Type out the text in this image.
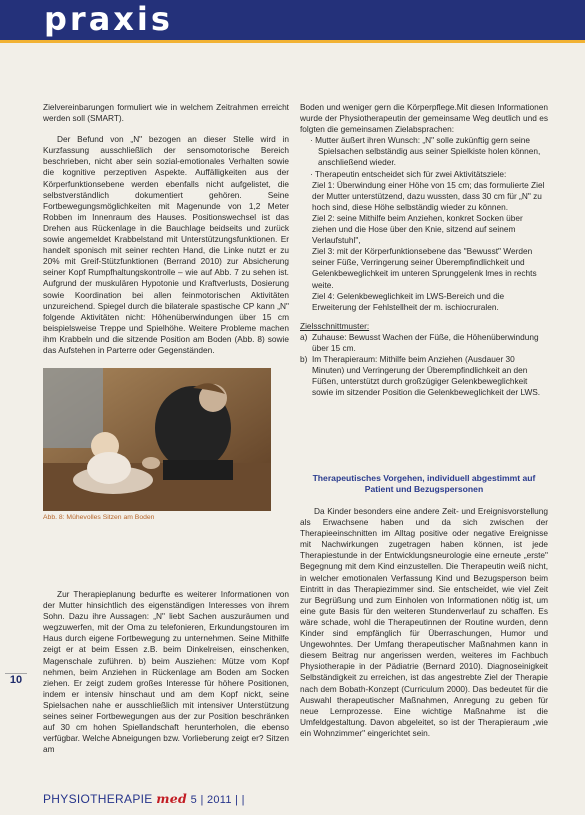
praxis

Zielvereinbarungen formuliert wie in welchem Zeitrahmen erreicht werden soll (SMART).

Der Befund von „N" bezogen an dieser Stelle wird in Kurzfassung ausschließlich der sensomotorische Bereich beschrieben, nicht aber sein sozial-emotionales Verhalten sowie die kognitive perzeptiven Aspekte. Auffälligkeiten aus der Körperfunktionsebene werden ebenfalls nicht aufgelistet, die selbstverständlich dokumentiert gehören. Seine Fortbewegungsmöglichkeiten mit Magenunde von 1,2 Meter Robben im Innenraum des Hauses. Positionswechsel ist das Drehen aus Rückenlage in die Bauchlage beidseits und zurück sowie angemeldet Krabbelstand mit Unterstützungsfunktionen. Er handelt sponisch mit seiner rechten Hand, die Linke nutzt er zu 20% mit Greif-Stützfunktionen (Berrand 2010) zur Absicherung seiner Kopf Rumpfhaltungskontrolle – wie auf Abb. 7 zu sehen ist. Aufgrund der muskulären Hypotonie und Kraftverlusts, Dosierung sowie Koordination bei allen feinmotorischen Aktivitäten unzureichend. Spiegel durch die bilaterale spastische CP kann „N" folgende Aktivitäten nicht: Höhenüberwindungen über 15 cm beispielsweise Treppe und Spielhöhe. Weitere Probleme machen ihm Krabbeln und die sitzende Position am Boden (Abb. 8) sowie das Aufstehen in Parterre oder Gegenständen.

Abb. 8: Mühevolles Sitzen am Boden

Zur Therapieplanung bedurfte es weiterer Informationen von der Mutter hinsichtlich des eigenständigen Interesses von ihrem Sohn. Dazu ihre Aussagen: „N" liebt Sachen auszuräumen und wegzuwerfen, mit der Oma zu telefonieren, Erkundungstouren im Haus durch eigene Fortbewegung zu unternehmen. Seine Mithilfe zeigt er at beim Essen z.B. beim Dinkelreisen, einschenken, Magenschale zuführen. b) beim Ausziehen: Mütze vom Kopf nehmen, beim Anziehen in Rückenlage am Boden am Socken ziehen. Er zeigt zudem großes Interesse für höhere Positionen, indem er intensiv hinschaut und am dem Kopf nickt, seine Spielsachen nahe er ausschließlich mit intensiver Unterstützung seines seiner Fortbewegungen aus der zur Position beschränken auf 30 cm hohen Spiellandschaft herunterholen, die ebenso verfügbar. Welche Abneigungen bzw. Vorlieberung zeigt er? Sitzen am

Boden und weniger gern die Körperpflege.Mit diesen Informationen wurde der Physiotherapeutin der gemeinsame Weg deutlich und es folgten die gemeinsamen Zielabsprachen:

· Mutter äußert ihren Wunsch: „N" solle zukünftig gern seine Spielsachen selbständig aus seiner Spielkiste holen können, anschließend wieder.
· Therapeutin entscheidet sich für zwei Aktivitätsziele:
Ziel 1: Überwindung einer Höhe von 15 cm; das formulierte Ziel der Mutter unterstützend, dazu wussten, dass 30 cm für „N" zu hoch sind, diese Höhe selbständig wieder zu können.
Ziel 2: seine Mithilfe beim Anziehen, konkret Socken über ziehen und die Hose über den Knie, sitzend auf seinem Verlaufstuhl",
Ziel 3: mit der Körperfunktionsebene das "Bewusst" Werden seiner Füße, Verringerung seiner Überempfindlichkeit und Gelenkbeweglichkeit im unteren Sprunggelenk lmes in rechts weite.
Ziel 4: Gelenkbeweglichkeit im LWS-Bereich und die Erweiterung der Fehlstellheit der m. ischiocruralen.

Zielsschnittmuster:

a) Zuhause: Bewusst Wachen der Füße, die Höhenüberwindung über 15 cm.
b) Im Therapieraum: Mithilfe beim Anziehen (Ausdauer 30 Minuten) und Verringerung der Überempfindlichkeit an den Füßen, unterstützt durch großzügiger Gelenkbeweglichkeit sowie im sitzender Position die Gelenkbeweglichkeit der LWS.
Therapeutisches Vorgehen, individuell abgestimmt auf Patient und Bezugspersonen

Da Kinder besonders eine andere Zeit- und Ereignisvorstellung als Erwachsene haben und da sich zwischen der Therapieeinschnitten im Alltag positive oder negative Ereignisse mit Nachwirkungen zugetragen haben können, ist jede Therapiestunde in der Entwicklungsneurologie eine erneute „erste" Begegnung mit dem Kind einzustellen. Die Therapeutin weiß nicht, in welcher emotionalen Verfassung Kind und Bezugsperson beim Eintritt in das Therapiezimmer sind. Sie entscheidet, wie viel Zeit zur Begrüßung und zum Einholen von Informationen nötig ist, um eine gute Basis für den weiteren Stundenverlauf zu schaffen. Es wäre schade, wohl die Therapeutinnen der Routine wurden, denn Kinder sind empfänglich für Überraschungen, Humor und Ungewohntes. Der Umfang therapeutischer Maßnahmen kann in diesem Beitrag nur angerissen werden, weiteres im Fachbuch Physiotherapie in der Pädiatrie (Bernard 2010). Diagnoseinigkeit Selbständigkeit zu erreichen, ist das angestrebte Ziel der Therapie nach dem Bobath-Konzept (Curriculum 2000). Das bedeutet für die Auswahl therapeutischer Maßnahmen, Anregung zu geben für neue Lernprozesse. Eine wichtige Maßnahme ist die Umfeldgestaltung. Davon abgeleitet, so ist der Therapieraum „wie ein Wohnzimmer" eingerichtet sein.

10
PHYSIOTHERAPIE med 5 | 2011 | |
